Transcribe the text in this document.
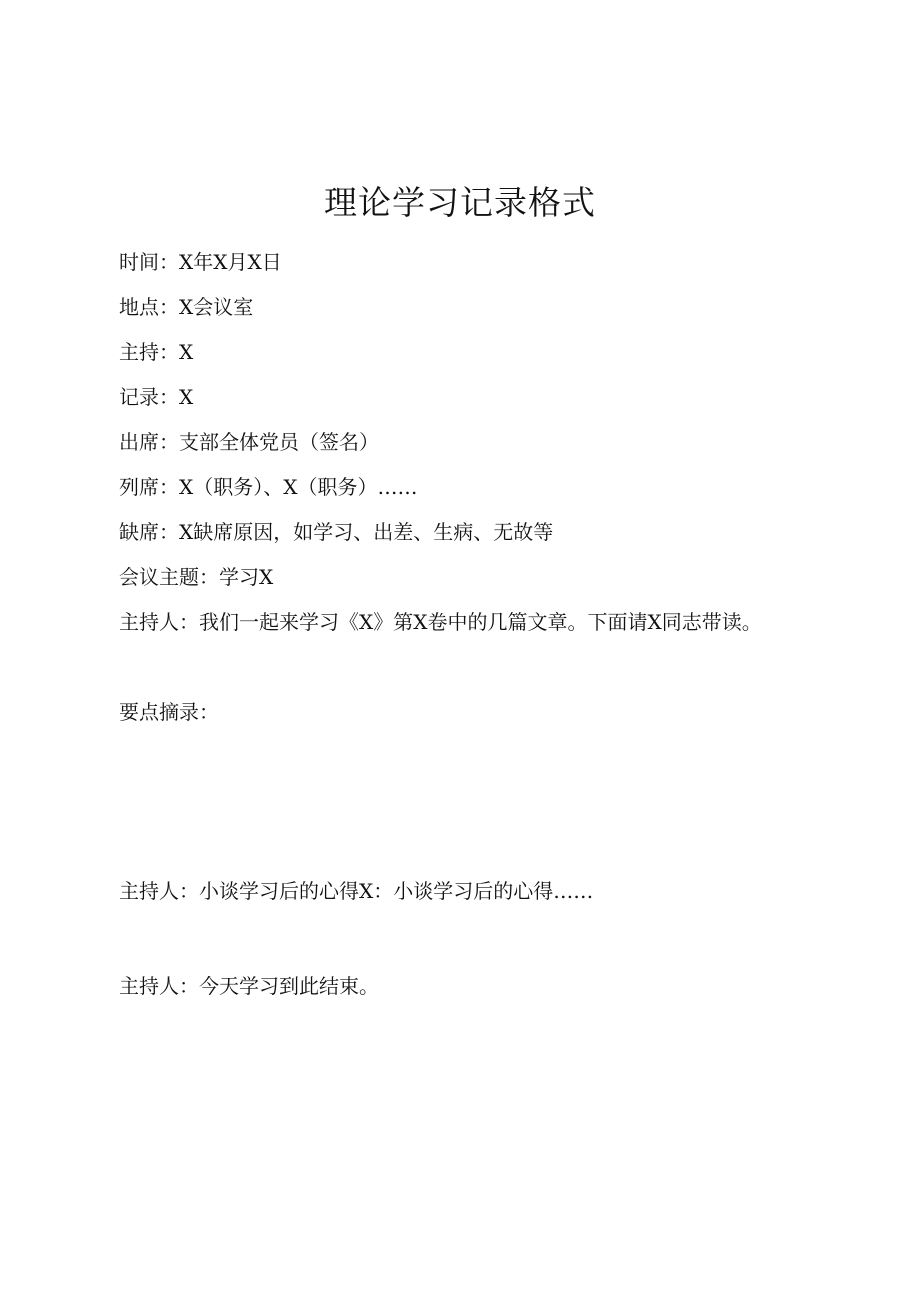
理论学习记录格式

时间：X年X月X日

地点：X会议室

主持：X

记录：X

出席：支部全体党员（签名）

列席：X（职务）、X（职务）……

缺席：X缺席原因，如学习、出差、生病、无故等

会议主题：学习X

主持人：我们一起来学习《X》第X卷中的几篇文章。下面请X同志带读。

要点摘录：

主持人：小谈学习后的心得X：小谈学习后的心得……

主持人：今天学习到此结束。
